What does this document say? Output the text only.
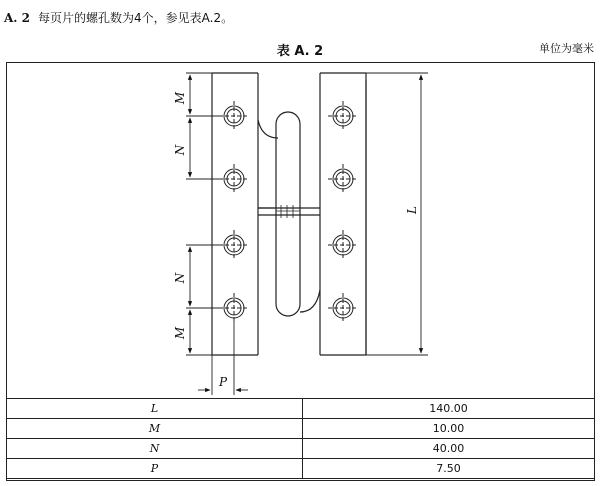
A. 2 每页片的螺孔数为4个，参见表A.2。
表 A. 2	单位为毫米
M
N
N
M
L
P
L	140.00
M	10.00
N	40.00
P	7.50
